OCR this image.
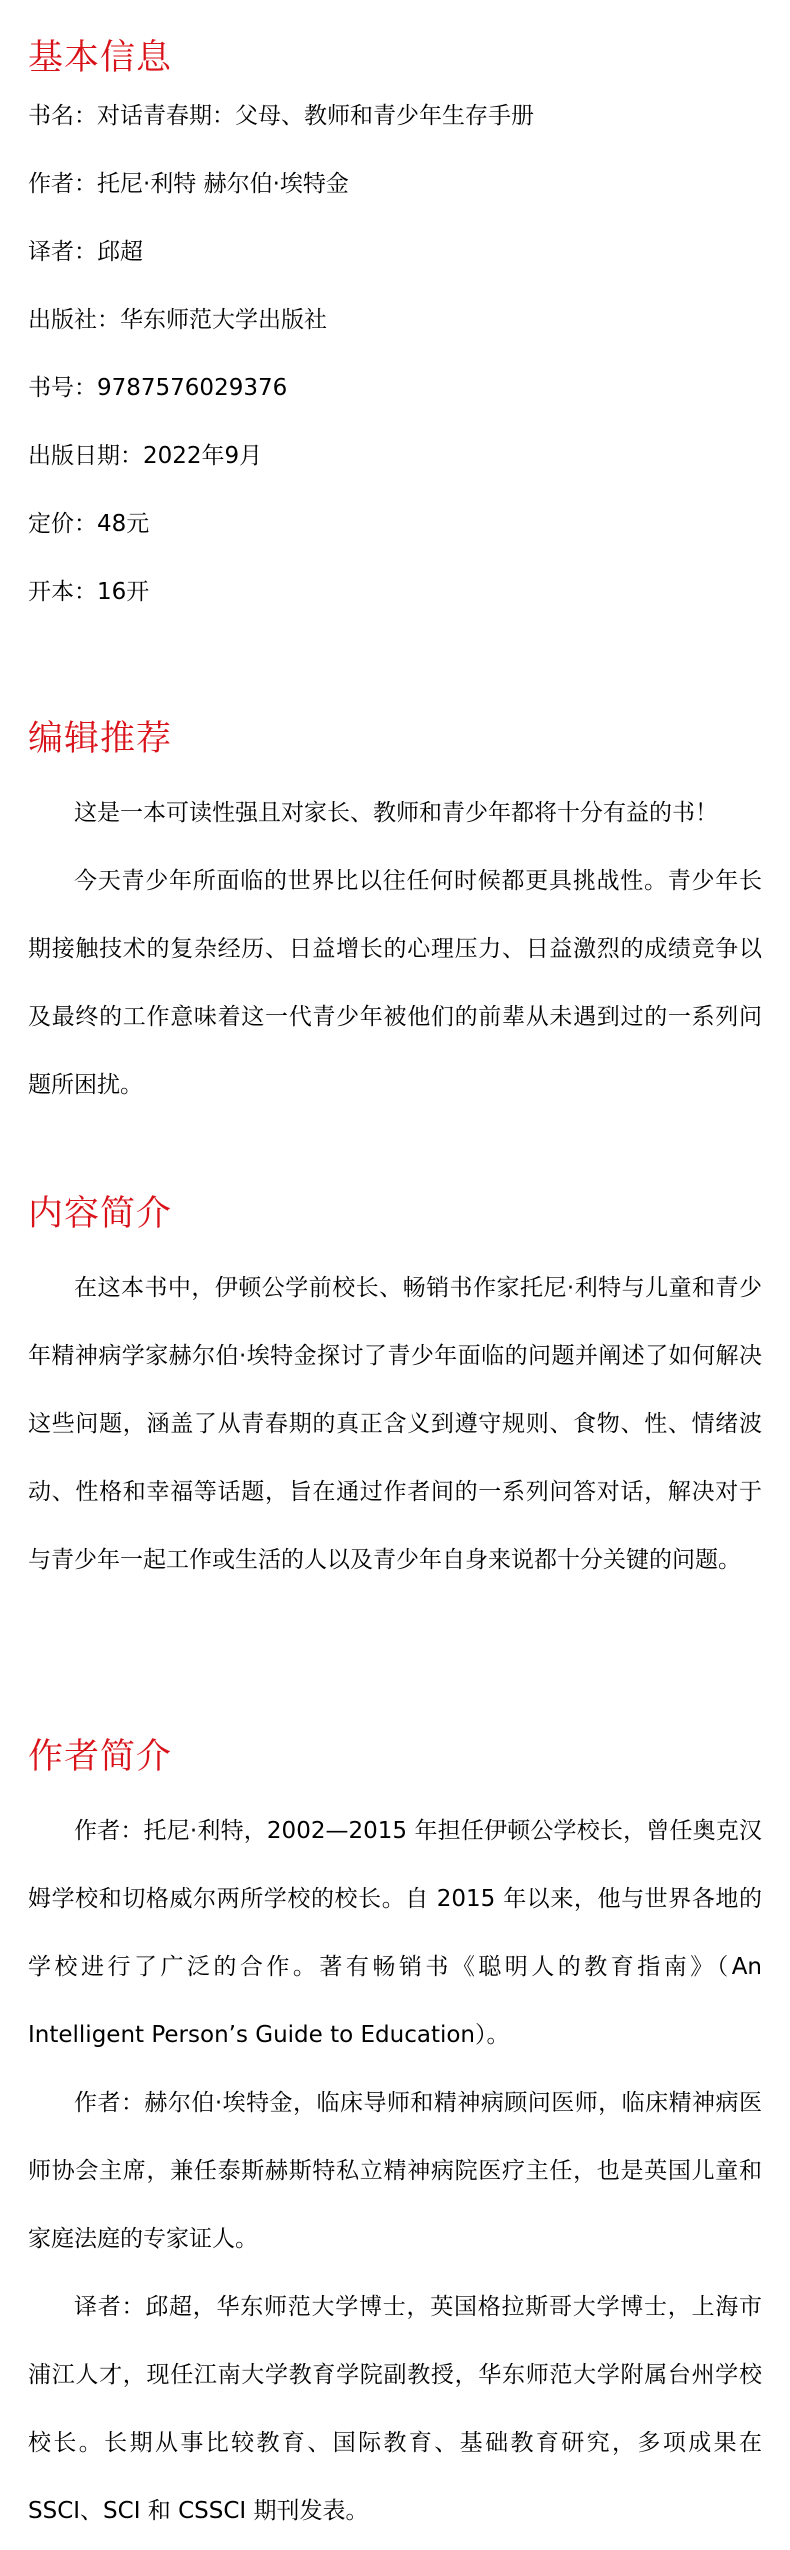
基本信息

书名：对话青春期：父母、教师和青少年生存手册

作者：托尼·利特 赫尔伯·埃特金

译者：邱超

出版社：华东师范大学出版社

书号：9787576029376

出版日期：2022年9月

定价：48元

开本：16开

编辑推荐

这是一本可读性强且对家长、教师和青少年都将十分有益的书！

今天青少年所面临的世界比以往任何时候都更具挑战性。青少年长期接触技术的复杂经历、日益增长的心理压力、日益激烈的成绩竞争以及最终的工作意味着这一代青少年被他们的前辈从未遇到过的一系列问题所困扰。

内容简介

在这本书中，伊顿公学前校长、畅销书作家托尼·利特与儿童和青少年精神病学家赫尔伯·埃特金探讨了青少年面临的问题并阐述了如何解决这些问题，涵盖了从青春期的真正含义到遵守规则、食物、性、情绪波动、性格和幸福等话题，旨在通过作者间的一系列问答对话，解决对于与青少年一起工作或生活的人以及青少年自身来说都十分关键的问题。

作者简介

作者：托尼·利特，2002—2015 年担任伊顿公学校长，曾任奥克汉姆学校和切格威尔两所学校的校长。自 2015 年以来，他与世界各地的学校进行了广泛的合作。著有畅销书《聪明人的教育指南》（An Intelligent Person’s Guide to Education）。

作者：赫尔伯·埃特金，临床导师和精神病顾问医师，临床精神病医师协会主席，兼任泰斯赫斯特私立精神病院医疗主任，也是英国儿童和家庭法庭的专家证人。

译者：邱超，华东师范大学博士，英国格拉斯哥大学博士，上海市浦江人才，现任江南大学教育学院副教授，华东师范大学附属台州学校校长。长期从事比较教育、国际教育、基础教育研究，多项成果在 SSCI、SCI 和 CSSCI 期刊发表。
